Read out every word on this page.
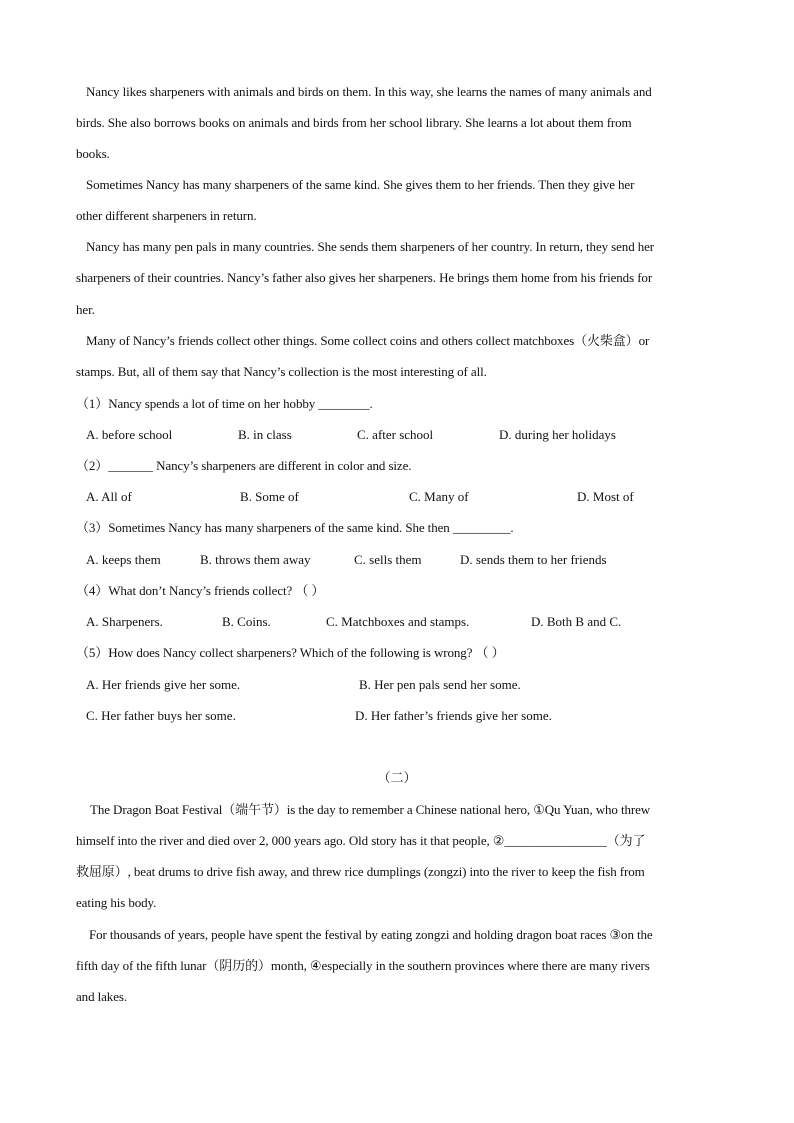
Nancy likes sharpeners with animals and birds on them. In this way, she learns the names of many animals and
birds. She also borrows books on animals and birds from her school library. She learns a lot about them from
books.
Sometimes Nancy has many sharpeners of the same kind. She gives them to her friends. Then they give her
other different sharpeners in return.
Nancy has many pen pals in many countries. She sends them sharpeners of her country. In return, they send her
sharpeners of their countries. Nancy’s father also gives her sharpeners. He brings them home from his friends for
her.
Many of Nancy’s friends collect other things. Some collect coins and others collect matchboxes（火柴盒）or
stamps. But, all of them say that Nancy’s collection is the most interesting of all.
（1）Nancy spends a lot of time on her hobby ________.
A. before school	B. in class	C. after school	D. during her holidays
（2）_______ Nancy’s sharpeners are different in color and size.
A. All of	B. Some of	C. Many of	D. Most of
（3）Sometimes Nancy has many sharpeners of the same kind. She then _________.
A. keeps them	B. throws them away	C. sells them	D. sends them to her friends
（4）What don’t Nancy’s friends collect? （ ）
A. Sharpeners.	B. Coins.	C. Matchboxes and stamps.	D. Both B and C.
（5）How does Nancy collect sharpeners? Which of the following is wrong? （ ）
A. Her friends give her some.	B. Her pen pals send her some.
C. Her father buys her some.	D. Her father’s friends give her some.
（二）
The Dragon Boat Festival（端午节）is the day to remember a Chinese national hero, ①Qu Yuan, who threw
himself into the river and died over 2, 000 years ago. Old story has it that people, ②________________（为了
救屈原）, beat drums to drive fish away, and threw rice dumplings (zongzi) into the river to keep the fish from
eating his body.
For thousands of years, people have spent the festival by eating zongzi and holding dragon boat races ③on the
fifth day of the fifth lunar（阴历的）month, ④especially in the southern provinces where there are many rivers
and lakes.
